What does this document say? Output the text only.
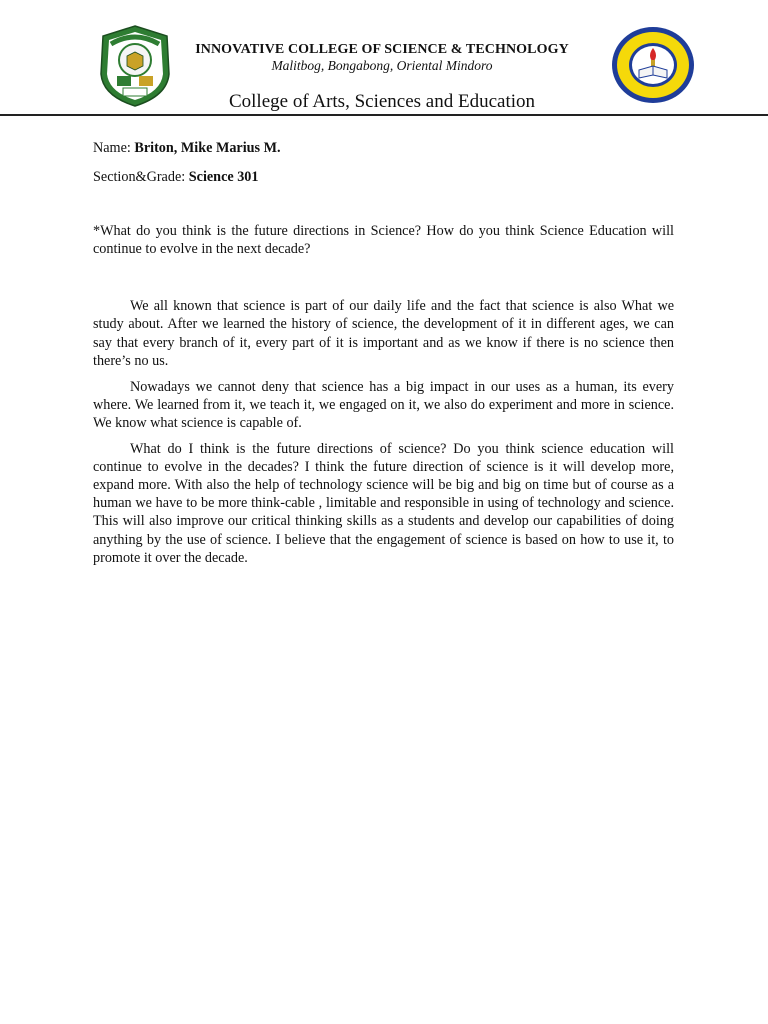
INNOVATIVE COLLEGE OF SCIENCE & TECHNOLOGY

Malitbog, Bongabong, Oriental Mindoro

College of Arts, Sciences and Education

Name: Briton, Mike Marius M.

Section&Grade: Science 301

*What do you think is the future directions in Science? How do you think Science Education will continue to evolve in the next decade?

We all known that science is part of our daily life and the fact that science is also What we study about. After we learned the history of science, the development of it in different ages, we can say that every branch of it, every part of it is important and as we know if there is no science then there’s no us.

Nowadays we cannot deny that science has a big impact in our uses as a human, its every where. We learned from it, we teach it, we engaged on it, we also do experiment and more in science. We know what science is capable of.

What do I think is the future directions of science? Do you think science education will continue to evolve in the decades? I think the future direction of science is it will develop more, expand more. With also the help of technology science will be big and big on time but of course as a human we have to be more think-cable , limitable and responsible in using of technology and science. This will also improve our critical thinking skills as a students and develop our capabilities of doing anything by the use of science. I believe that the engagement of science is based on how to use it, to promote it over the decade.
